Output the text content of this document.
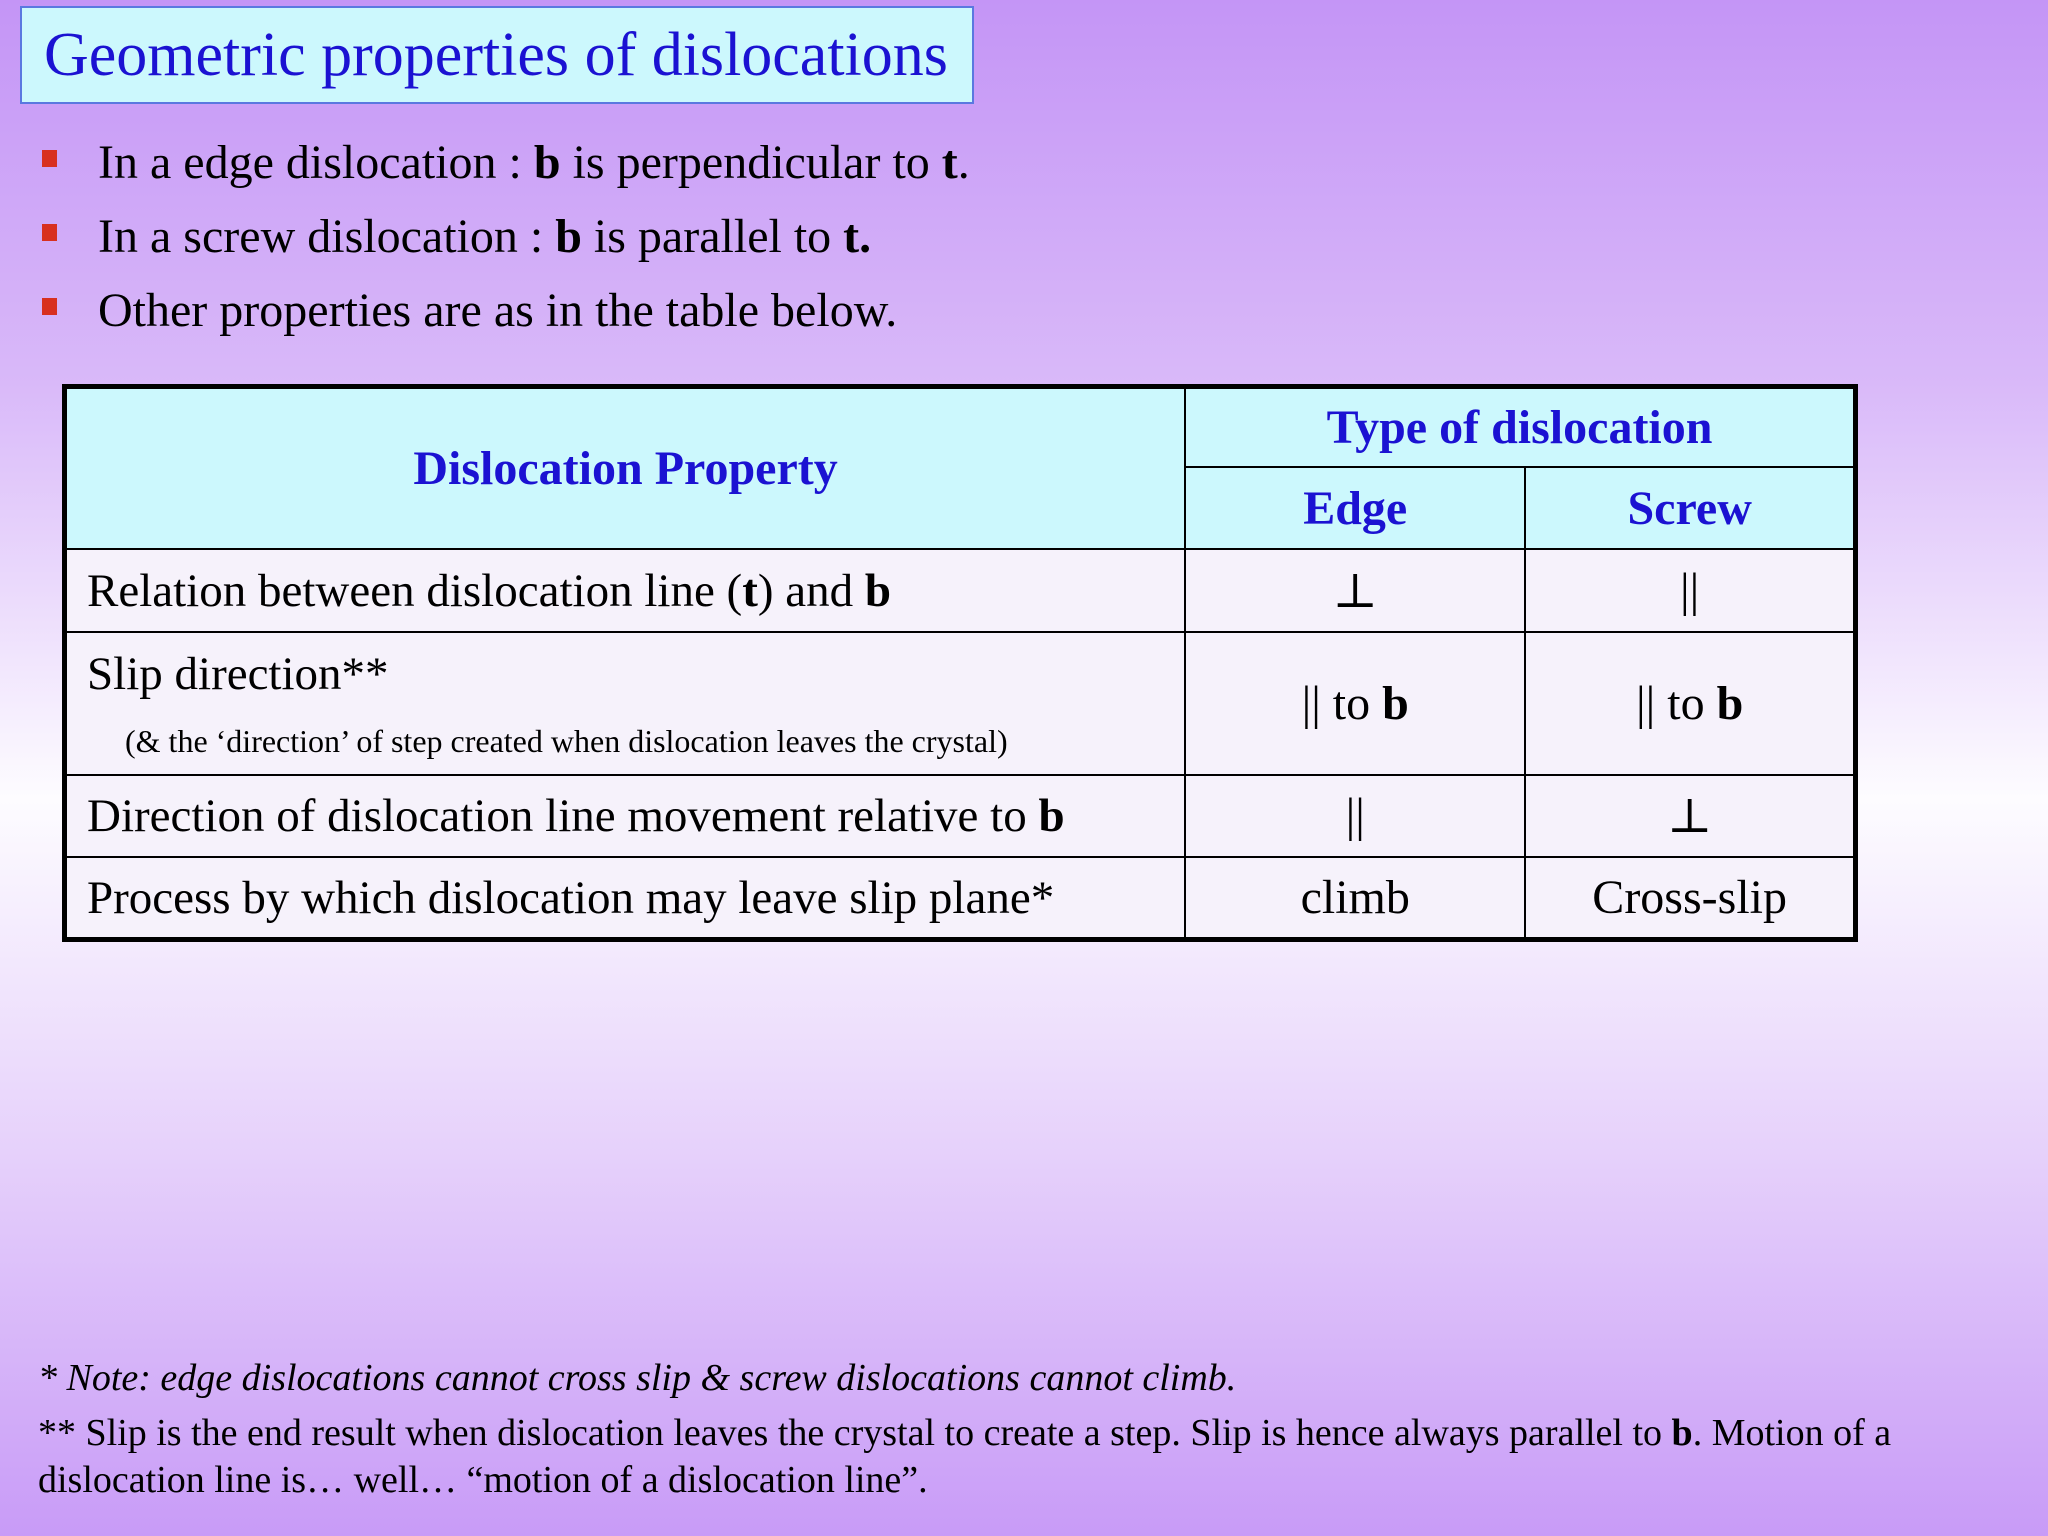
Geometric properties of dislocations
In a edge dislocation : b is perpendicular to t.
In a screw dislocation : b is parallel to t.
Other properties are as in the table below.
Dislocation Property	Type of dislocation	
	Edge	Screw
Relation between dislocation line (t) and b	⊥	||

Slip direction**
(& the ‘direction’ of step created when dislocation leaves the crystal)	|| to b	|| to b
Direction of dislocation line movement relative to b	||	⊥
Process by which dislocation may leave slip plane*	climb	Cross-slip
* Note: edge dislocations cannot cross slip & screw dislocations cannot climb.
** Slip is the end result when dislocation leaves the crystal to create a step. Slip is hence always parallel to b. Motion of a dislocation line is… well… “motion of a dislocation line”.
